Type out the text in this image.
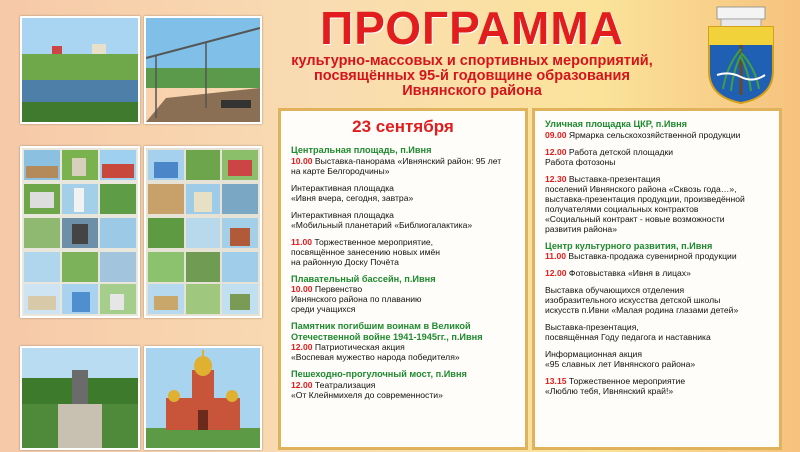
ПРОГРАММА
культурно-массовых и спортивных мероприятий,
посвящённых 95-й годовщине образования
Ивнянского района
23 сентября
Центральная площадь, п.Ивня
10.00 Выставка-панорама «Ивнянский район: 95 лет
на карте Белгородчины»
Интерактивная площадка
«Ивня вчера, сегодня, завтра»
Интерактивная площадка
«Мобильный планетарий «Библиогалактика»
11.00 Торжественное мероприятие,
посвящённое занесению новых имён
на районную Доску Почёта
Плавательный бассейн, п.Ивня
10.00 Первенство
Ивнянского района по плаванию
среди учащихся
Памятник погибшим воинам в Великой Отечественной войне 1941-1945гг., п.Ивня
12.00 Патриотическая акция
«Воспевая мужество народа победителя»
Пешеходно-прогулочный мост, п.Ивня
12.00 Театрализация
«От Клейнмихеля до современности»
Уличная площадка ЦКР, п.Ивня
09.00 Ярмарка сельскохозяйственной продукции
12.00 Работа детской площадки
Работа фотозоны
12.30 Выставка-презентация
поселений Ивнянского района «Сквозь года…»,
выставка-презентация продукции, произведённой
получателями социальных контрактов
«Социальный контракт - новые возможности
развития района»
Центр культурного развития, п.Ивня
11.00 Выставка-продажа сувенирной продукции
12.00 Фотовыставка «Ивня в лицах»
Выставка обучающихся отделения
изобразительного искусства детской школы
искусств п.Ивни «Малая родина глазами детей»
Выставка-презентация,
посвящённая Году педагога и наставника
Информационная акция
«95 славных лет Ивнянского района»
13.15 Торжественное мероприятие
«Люблю тебя, Ивнянский край!»
